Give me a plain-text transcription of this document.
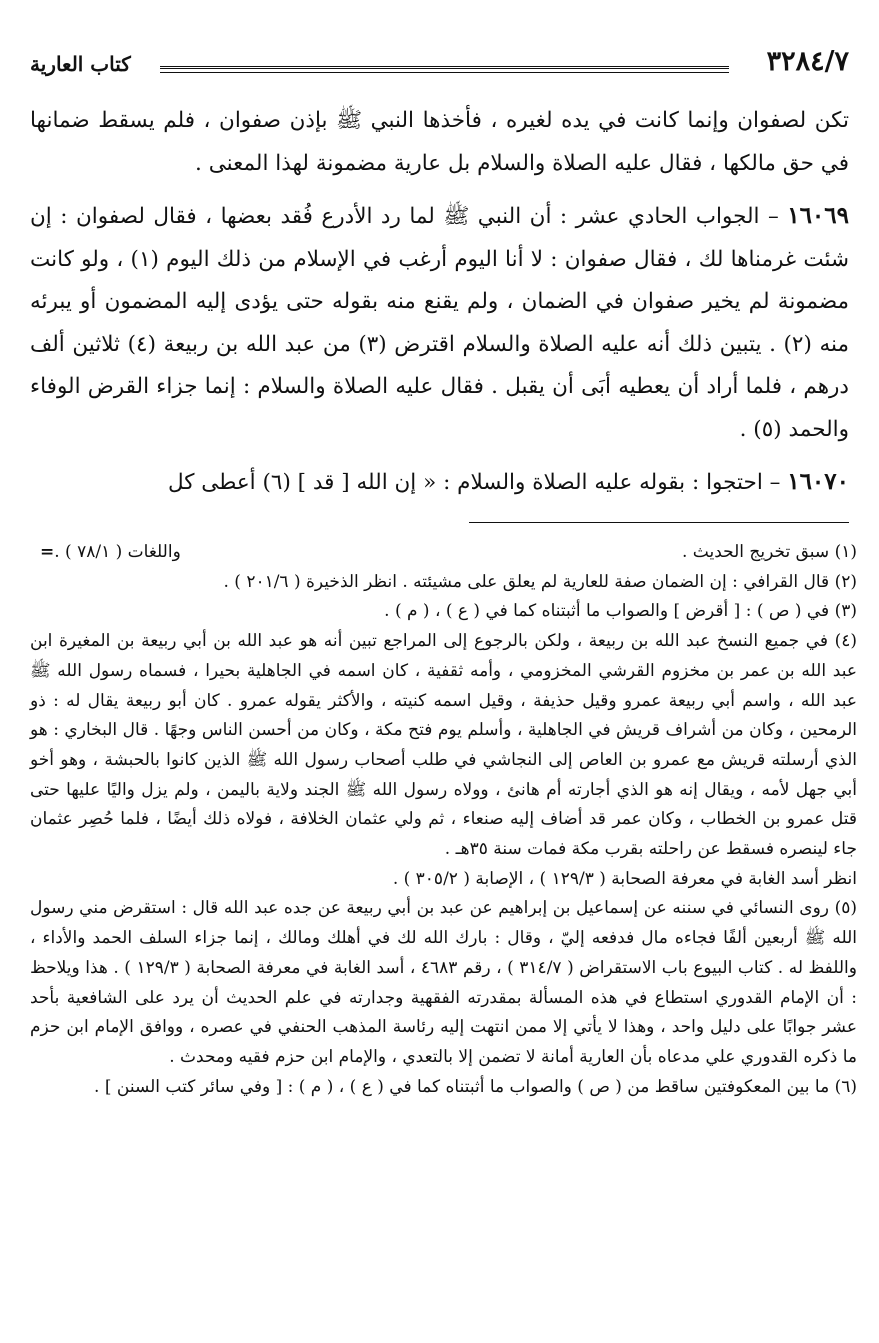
٣٢٨٤/٧
كتاب العارية

تكن لصفوان وإنما كانت في يده لغيره ، فأخذها النبي ﷺ بإذن صفوان ، فلم يسقط ضمانها في حق مالكها ، فقال عليه الصلاة والسلام بل عارية مضمونة لهذا المعنى .

١٦٠٦٩ – الجواب الحادي عشر : أن النبي ﷺ لما رد الأدرع فُقد بعضها ، فقال لصفوان : إن شئت غرمناها لك ، فقال صفوان : لا أنا اليوم أرغب في الإسلام من ذلك اليوم (١) ، ولو كانت مضمونة لم يخير صفوان في الضمان ، ولم يقنع منه بقوله حتى يؤدى إليه المضمون أو يبرئه منه (٢) . يتبين ذلك أنه عليه الصلاة والسلام اقترض (٣) من عبد الله بن ربيعة (٤) ثلاثين ألف درهم ، فلما أراد أن يعطيه أبَى أن يقبل . فقال عليه الصلاة والسلام : إنما جزاء القرض الوفاء والحمد (٥) .

١٦٠٧٠ – احتجوا : بقوله عليه الصلاة والسلام : « إن الله [ قد ] (٦) أعطى كل

(١) سبق تخريج الحديث .
واللغات ( ٧٨/١ ) .=

(٢) قال القرافي : إن الضمان صفة للعارية لم يعلق على مشيئته . انظر الذخيرة ( ٢٠١/٦ ) .

(٣) في ( ص ) : [ أقرض ] والصواب ما أثبتناه كما في ( ع ) ، ( م ) .

(٤) في جميع النسخ عبد الله بن ربيعة ، ولكن بالرجوع إلى المراجع تبين أنه هو عبد الله بن أبي ربيعة بن المغيرة ابن عبد الله بن عمر بن مخزوم القرشي المخزومي ، وأمه ثقفية ، كان اسمه في الجاهلية بحيرا ، فسماه رسول الله ﷺ عبد الله ، واسم أبي ربيعة عمرو وقيل حذيفة ، وقيل اسمه كنيته ، والأكثر يقوله عمرو . كان أبو ربيعة يقال له : ذو الرمحين ، وكان من أشراف قريش في الجاهلية ، وأسلم يوم فتح مكة ، وكان من أحسن الناس وجهًا . قال البخاري : هو الذي أرسلته قريش مع عمرو بن العاص إلى النجاشي في طلب أصحاب رسول الله ﷺ الذين كانوا بالحبشة ، وهو أخو أبي جهل لأمه ، ويقال إنه هو الذي أجارته أم هانئ ، وولاه رسول الله ﷺ الجند ولاية باليمن ، ولم يزل واليًا عليها حتى قتل عمرو بن الخطاب ، وكان عمر قد أضاف إليه صنعاء ، ثم ولي عثمان الخلافة ، فولاه ذلك أيضًا ، فلما حُصِر عثمان جاء لينصره فسقط عن راحلته بقرب مكة فمات سنة ٣٥هـ .

انظر أسد الغابة في معرفة الصحابة ( ١٢٩/٣ ) ، الإصابة ( ٣٠٥/٢ ) .

(٥) روى النسائي في سننه عن إسماعيل بن إبراهيم عن عبد بن أبي ربيعة عن جده عبد الله قال : استقرض مني رسول الله ﷺ أربعين ألفًا فجاءه مال فدفعه إليّ ، وقال : بارك الله لك في أهلك ومالك ، إنما جزاء السلف الحمد والأداء ، واللفظ له . كتاب البيوع باب الاستقراض ( ٣١٤/٧ ) ، رقم ٤٦٨٣ ، أسد الغابة في معرفة الصحابة ( ١٢٩/٣ ) . هذا ويلاحظ : أن الإمام القدوري استطاع في هذه المسألة بمقدرته الفقهية وجدارته في علم الحديث أن يرد على الشافعية بأحد عشر جوابًا على دليل واحد ، وهذا لا يأتي إلا ممن انتهت إليه رئاسة المذهب الحنفي في عصره ، ووافق الإمام ابن حزم ما ذكره القدوري علي مدعاه بأن العارية أمانة لا تضمن إلا بالتعدي ، والإمام ابن حزم فقيه ومحدث .

(٦) ما بين المعكوفتين ساقط من ( ص ) والصواب ما أثبتناه كما في ( ع ) ، ( م ) : [ وفي سائر كتب السنن ] .
